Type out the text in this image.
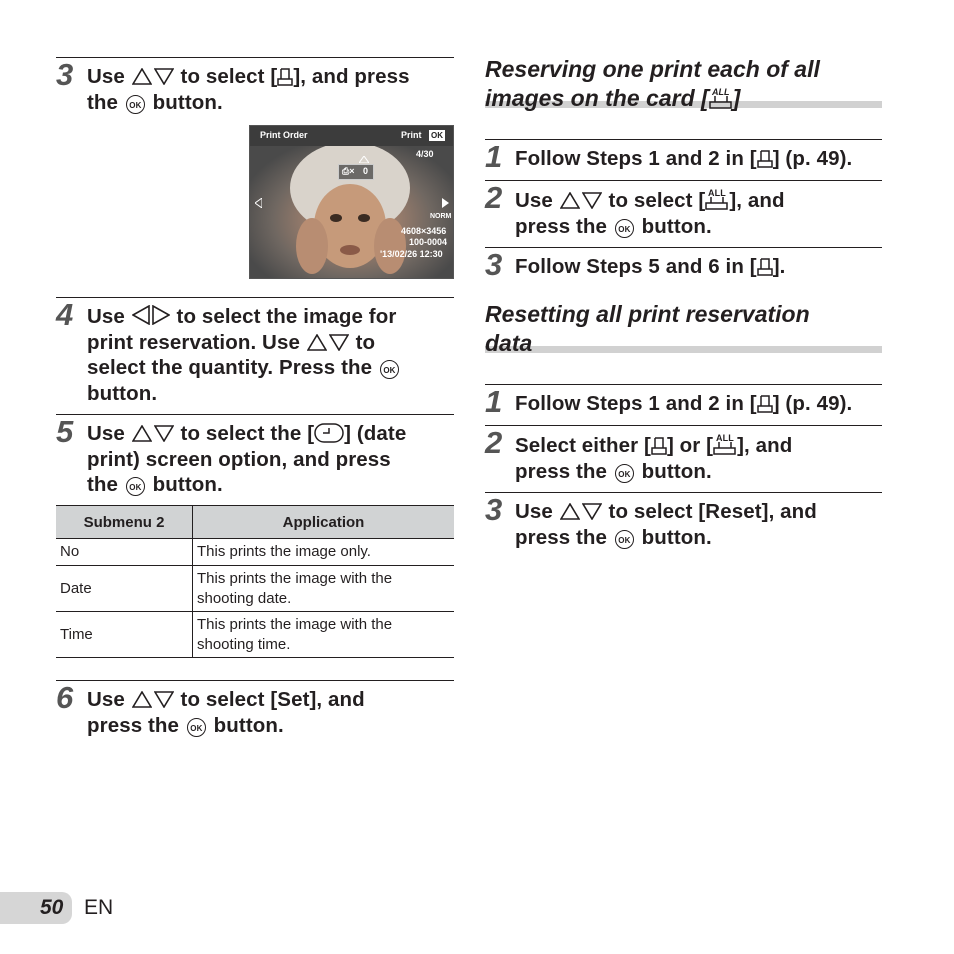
3 Use	to select [ ], and press
the OK button.
Print Order	Print OK
4/30
⎙× 0
NORM
4608×3456
100-0004
'13/02/26 12:30
4 Use	to select the image for
print reservation. Use	to
select the quantity. Press the OK
button.
5 Use	to select the [ ] (date
print) screen option, and press
the OK button.
Submenu 2	Application
No	This prints the image only.
Date	This prints the image with the shooting date.
Time	This prints the image with the shooting time.
6 Use	to select [Set], and
press the OK button.
Reserving one print each of all
images on the card [ ALL ]
1 Follow Steps 1 and 2 in [ ] (p. 49).
2 Use	to select [ ALL ], and
press the OK button.
3 Follow Steps 5 and 6 in [ ].
Resetting all print reservation
data
1 Follow Steps 1 and 2 in [ ] (p. 49).
2 Select either [ ] or [ ALL ], and
press the OK button.
3 Use	to select [Reset], and
press the OK button.
50 EN
